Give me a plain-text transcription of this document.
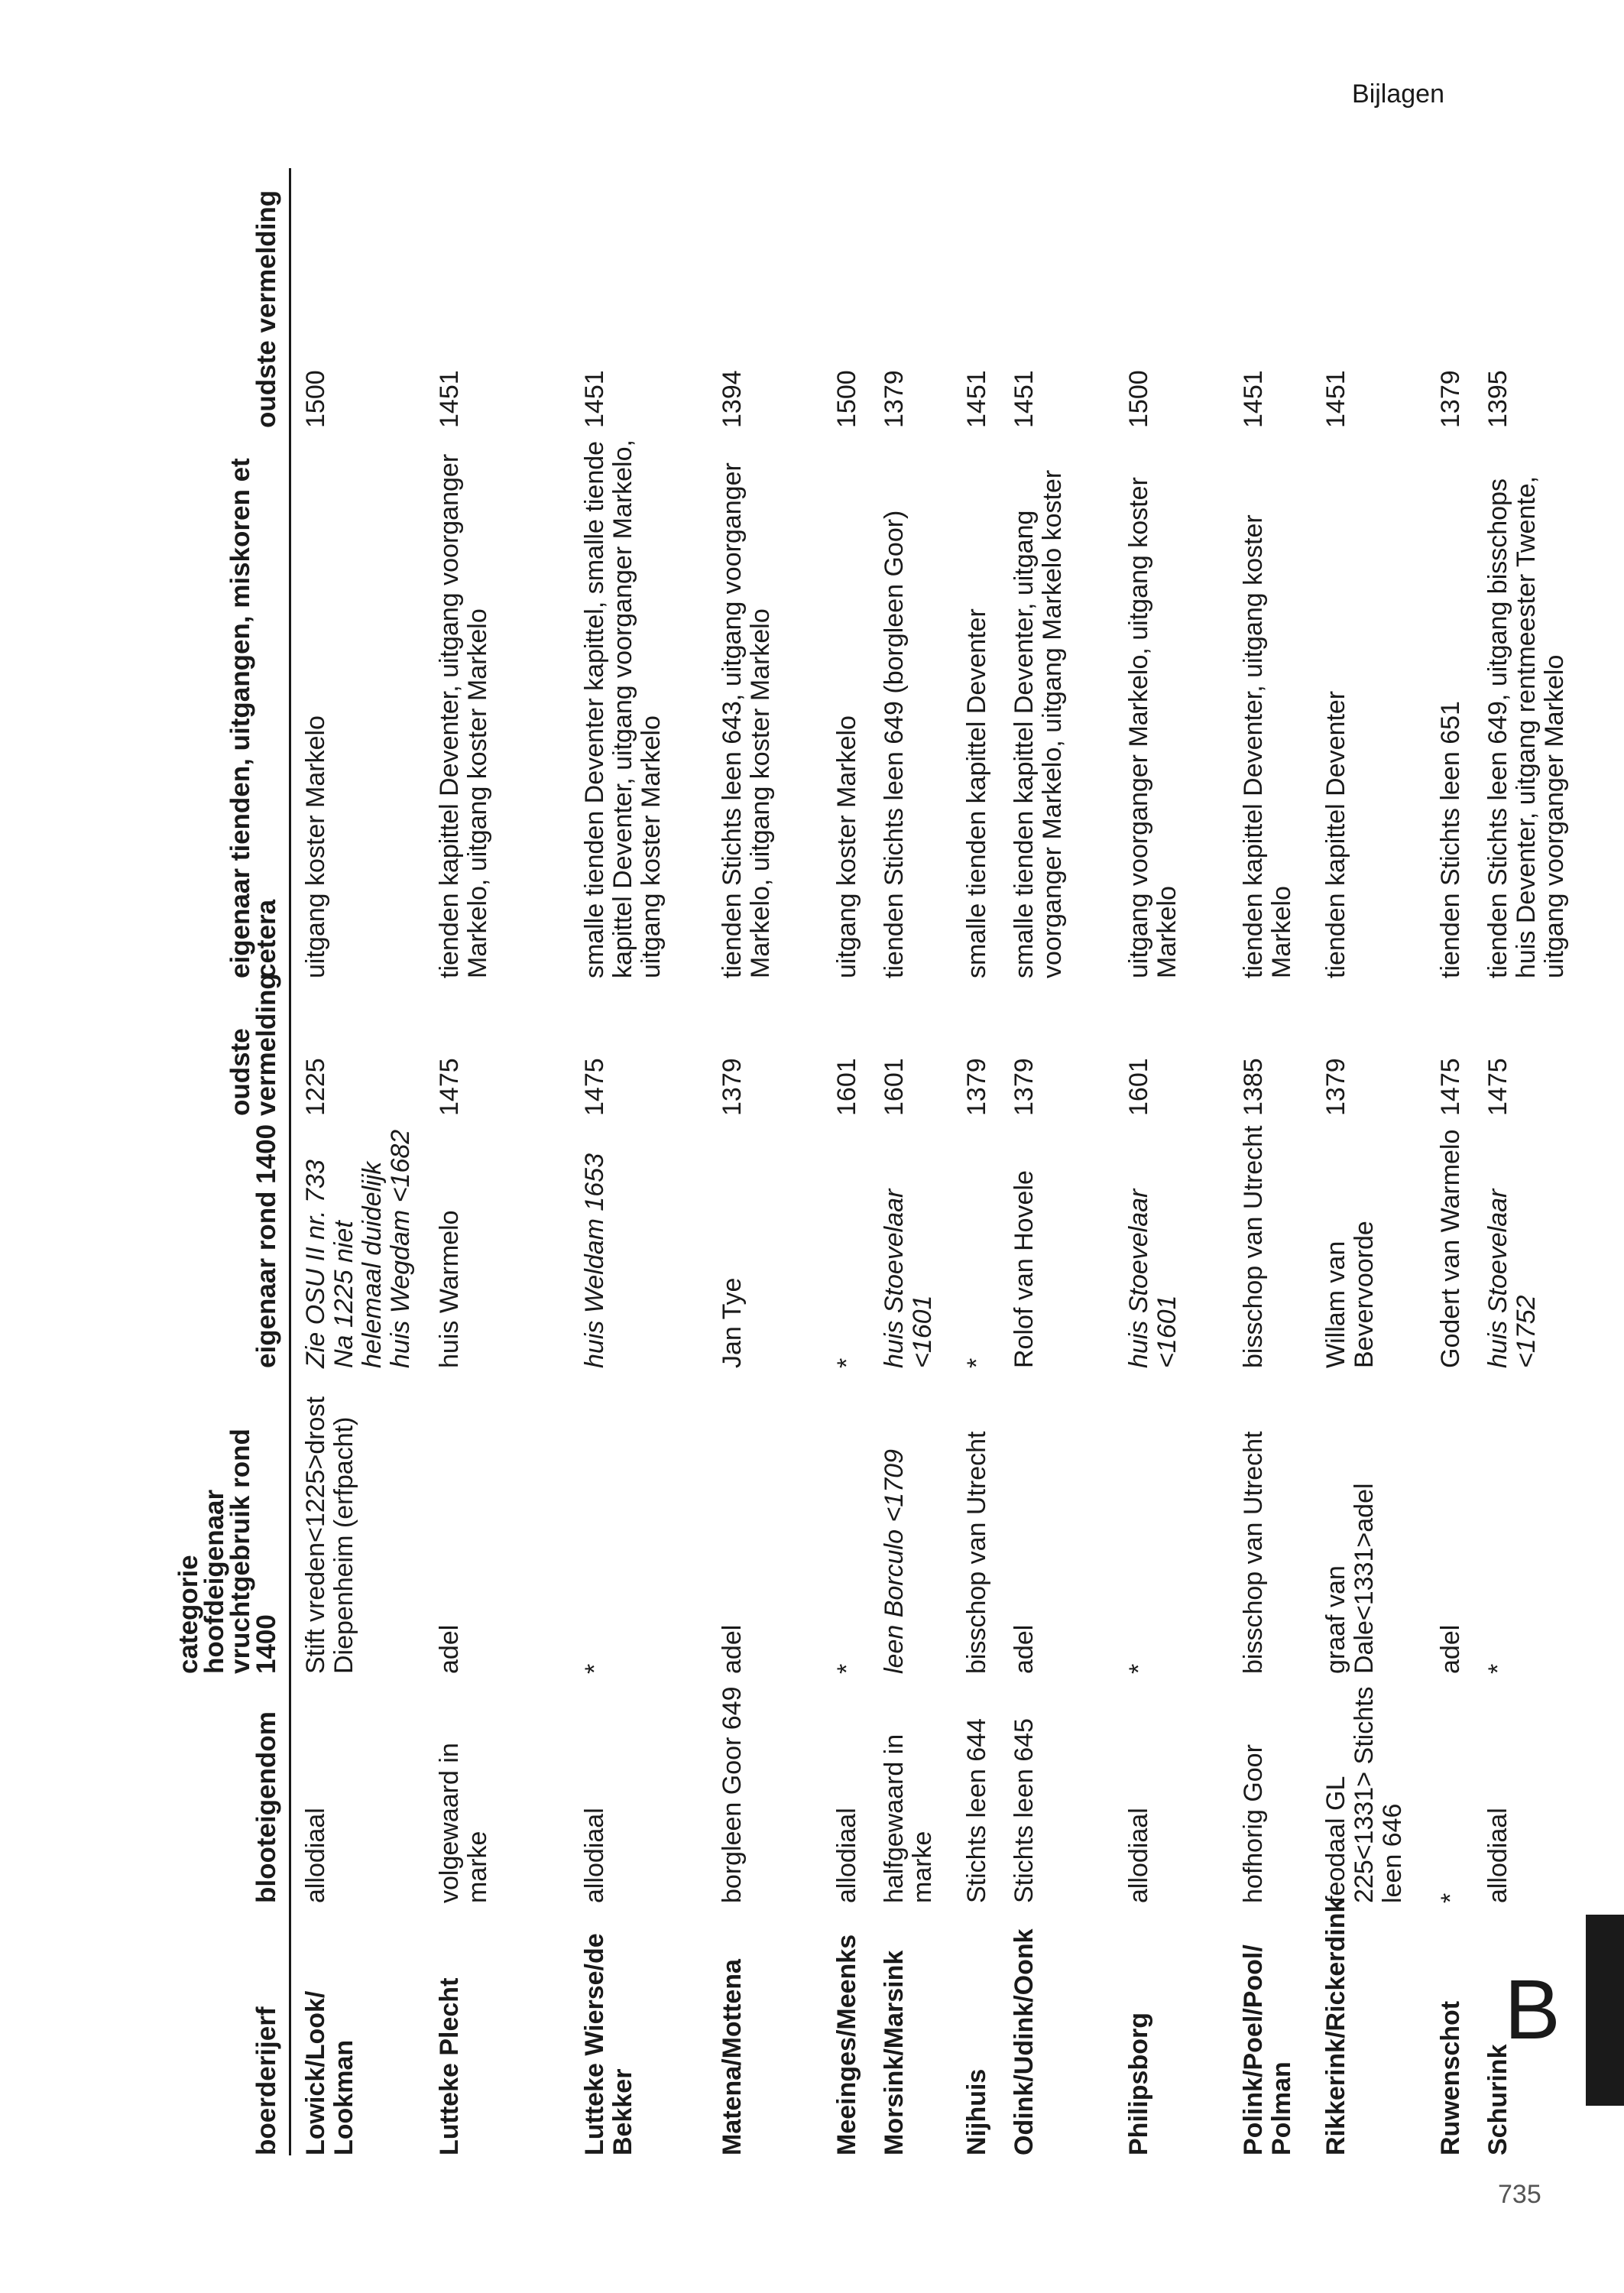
Bijlagen
B
735
boerderijerf	blooteigendom	categorie hoofdeigenaar vruchtgebruik rond 1400	eigenaar rond 1400	oudste vermelding	eigenaar tienden, uitgangen, miskoren et cetera	oudste vermelding
Lowick/Look/ Lookman	allodiaal	Stift vreden<1225>drost Diepenheim (erfpacht)	Zie OSU II nr. 733 Na 1225 niet helemaal duidelijk huis Wegdam <1682	1225	uitgang koster Markelo	1500
Lutteke Plecht	volgewaard in marke	adel	huis Warmelo	1475	tienden kapittel Deventer, uitgang voorganger Markelo, uitgang koster Markelo	1451
Lutteke Wierse/de Bekker	allodiaal	*	huis Weldam 1653	1475	smalle tienden Deventer kapittel, smalle tiende kapittel Deventer, uitgang voorganger Markelo, uitgang koster Markelo	1451
Matena/Mottena	borgleen Goor 649	adel	Jan Tye	1379	tienden Stichts leen 643, uitgang voorganger Markelo, uitgang koster Markelo	1394
Meeinges/Meenks	allodiaal	*	*	1601	uitgang koster Markelo	1500
Morsink/Marsink	halfgewaard in marke	leen Borculo <1709	huis Stoevelaar <1601	1601	tienden Stichts leen 649 (borgleen Goor)	1379
Nijhuis	Stichts leen 644	bisschop van Utrecht	*	1379	smalle tienden kapittel Deventer	1451
Odink/Udink/Oonk	Stichts leen 645	adel	Rolof van Hovele	1379	smalle tienden kapittel Deventer, uitgang voorganger Markelo, uitgang Markelo koster	1451
Philipsborg	allodiaal	*	huis Stoevelaar <1601	1601	uitgang voorganger Markelo, uitgang koster Markelo	1500
Polink/Poel/Pool/ Polman	hofhorig Goor	bisschop van Utrecht	bisschop van Utrecht	1385	tienden kapittel Deventer, uitgang koster Markelo	1451
Rikkerink/Rickerdink	feodaal GL 225<1331> Stichts leen 646	graaf van Dale<1331>adel	Willam van Bevervoorde	1379	tienden kapittel Deventer	1451
Ruwenschot	*	adel	Godert van Warmelo	1475	tienden Stichts leen 651	1379
Schurink	allodiaal	*	huis Stoevelaar <1752	1475	tienden Stichts leen 649, uitgang bisschops huis Deventer, uitgang rentmeester Twente, uitgang voorganger Markelo	1395
